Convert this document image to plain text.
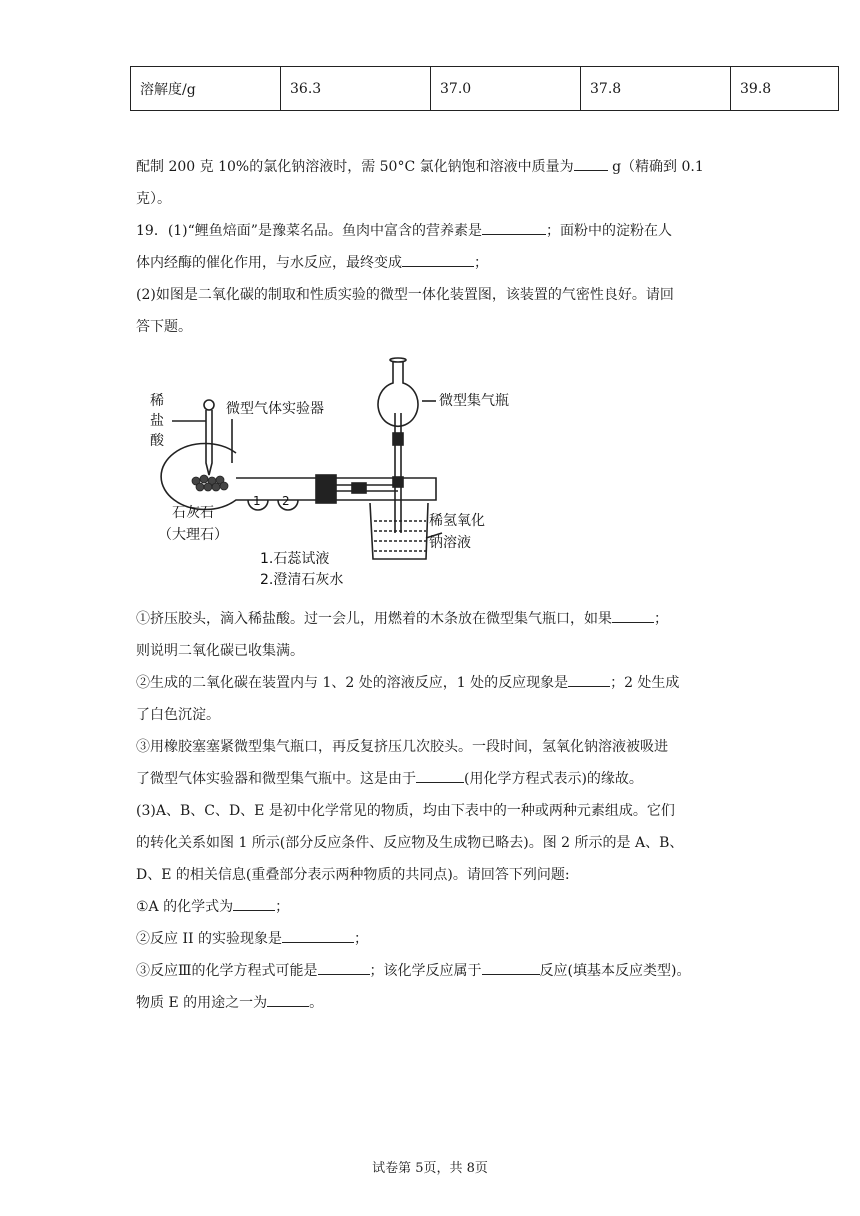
溶解度/g	36.3	37.0	37.8	39.8
配制 200 克 10%的氯化钠溶液时，需 50°C 氯化钠饱和溶液中质量为	g（精确到 0.1
克）。
19．(1)“鲤鱼焙面”是豫菜名品。鱼肉中富含的营养素是	；面粉中的淀粉在人
体内经酶的催化作用，与水反应，最终变成	；
(2)如图是二氧化碳的制取和性质实验的微型一体化装置图，该装置的气密性良好。请回
答下题。
稀
盐
酸
微型气体实验器	微型集气瓶
石灰石
（大理石）
1 2
稀氢氧化
钠溶液
1.石蕊试液
2.澄清石灰水
①挤压胶头，滴入稀盐酸。过一会儿，用燃着的木条放在微型集气瓶口，如果	；
则说明二氧化碳已收集满。
②生成的二氧化碳在装置内与 1、2 处的溶液反应，1 处的反应现象是	；2 处生成
了白色沉淀。
③用橡胶塞塞紧微型集气瓶口，再反复挤压几次胶头。一段时间，氢氧化钠溶液被吸进
了微型气体实验器和微型集气瓶中。这是由于	(用化学方程式表示)的缘故。
(3)A、B、C、D、E 是初中化学常见的物质，均由下表中的一种或两种元素组成。它们
的转化关系如图 1 所示(部分反应条件、反应物及生成物已略去)。图 2 所示的是 A、B、
D、E 的相关信息(重叠部分表示两种物质的共同点)。请回答下列问题:
①A 的化学式为	；
②反应 II 的实验现象是	；
③反应Ⅲ的化学方程式可能是	；该化学反应属于	反应(填基本反应类型)。
物质 E 的用途之一为	。
试卷第 5页，共 8页
